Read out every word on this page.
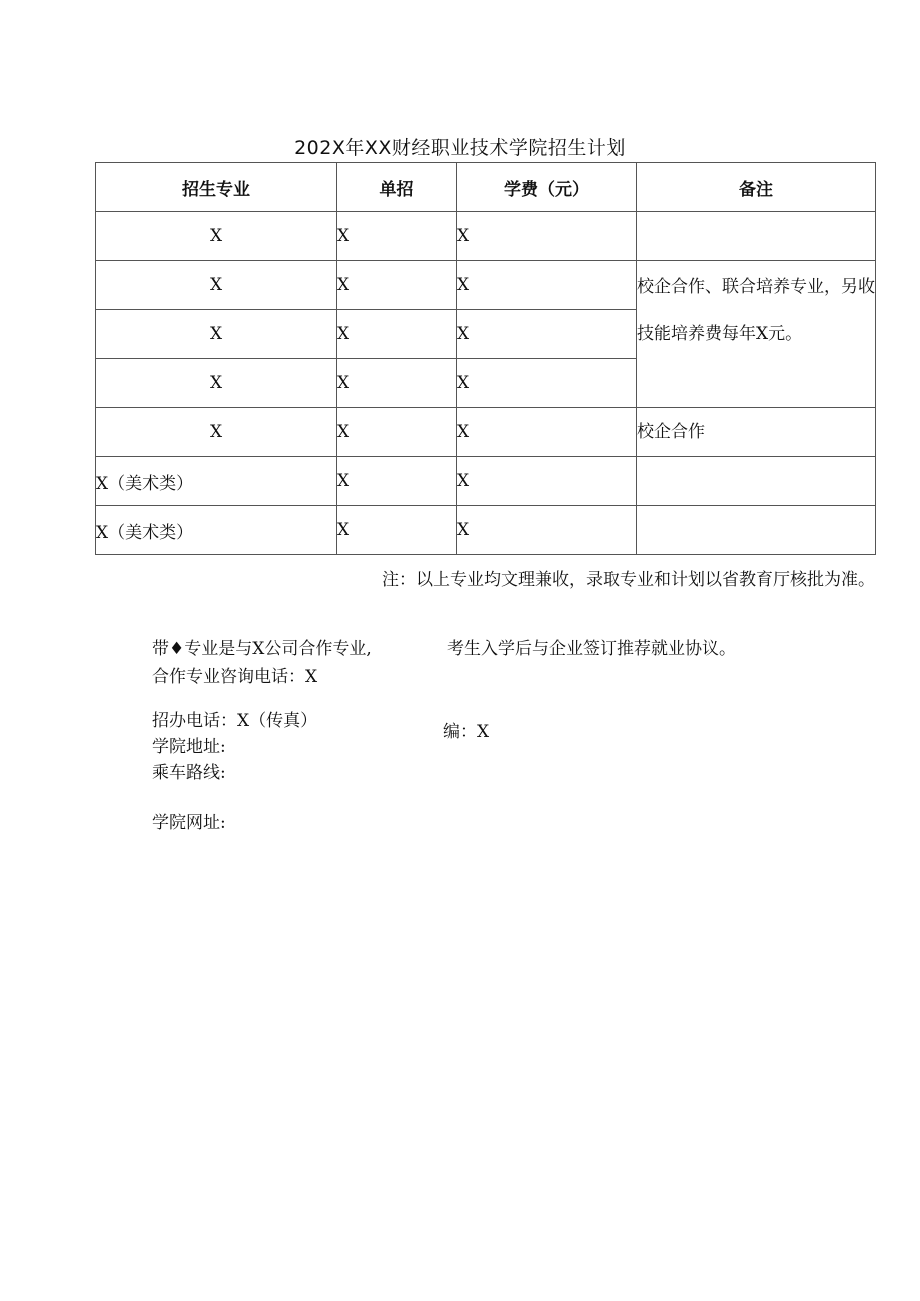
202X年XX财经职业技术学院招生计划
招生专业	单招	学费（元）	备注
X	X	X	
X	X	X	校企合作、联合培养专业，另收技能培养费每年X元。
X	X	X	
X	X	X	
X	X	X	校企合作
X（美术类）	X	X	
X（美术类）	X	X	
注：以上专业均文理兼收，录取专业和计划以省教育厅核批为准。
带♦专业是与X公司合作专业,	考生入学后与企业签订推荐就业协议。
合作专业咨询电话：X
招办电话：X（传真）
编：X
学院地址:
乘车路线:
学院网址:
